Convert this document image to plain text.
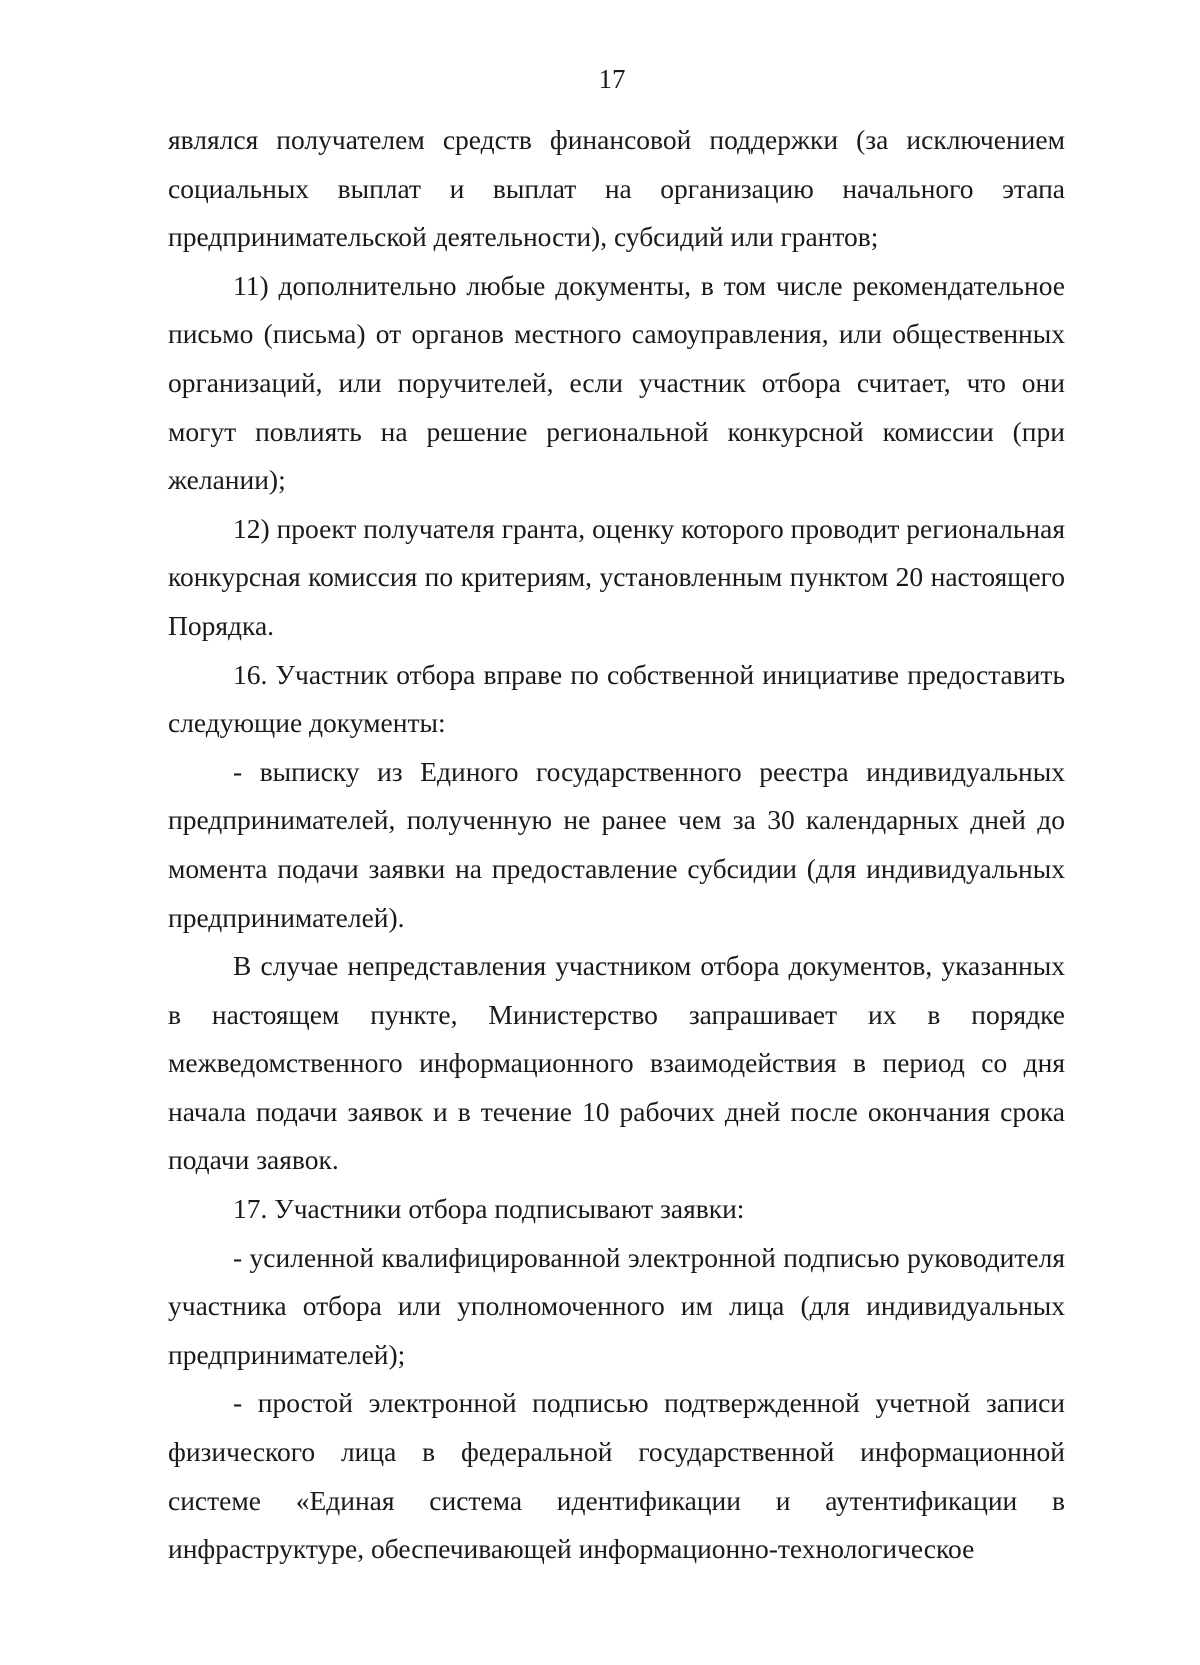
17

являлся получателем средств финансовой поддержки (за исключением социальных выплат и выплат на организацию начального этапа предпринимательской деятельности), субсидий или грантов;

11) дополнительно любые документы, в том числе рекомендательное письмо (письма) от органов местного самоуправления, или общественных организаций, или поручителей, если участник отбора считает, что они могут повлиять на решение региональной конкурсной комиссии (при желании);

12) проект получателя гранта, оценку которого проводит региональная конкурсная комиссия по критериям, установленным пунктом 20 настоящего Порядка.

16. Участник отбора вправе по собственной инициативе предоставить следующие документы:

- выписку из Единого государственного реестра индивидуальных предпринимателей, полученную не ранее чем за 30 календарных дней до момента подачи заявки на предоставление субсидии (для индивидуальных предпринимателей).

В случае непредставления участником отбора документов, указанных в настоящем пункте, Министерство запрашивает их в порядке межведомственного информационного взаимодействия в период со дня начала подачи заявок и в течение 10 рабочих дней после окончания срока подачи заявок.

17. Участники отбора подписывают заявки:

- усиленной квалифицированной электронной подписью руководителя участника отбора или уполномоченного им лица (для индивидуальных предпринимателей);

- простой электронной подписью подтвержденной учетной записи физического лица в федеральной государственной информационной системе «Единая система идентификации и аутентификации в инфраструктуре, обеспечивающей информационно-технологическое
